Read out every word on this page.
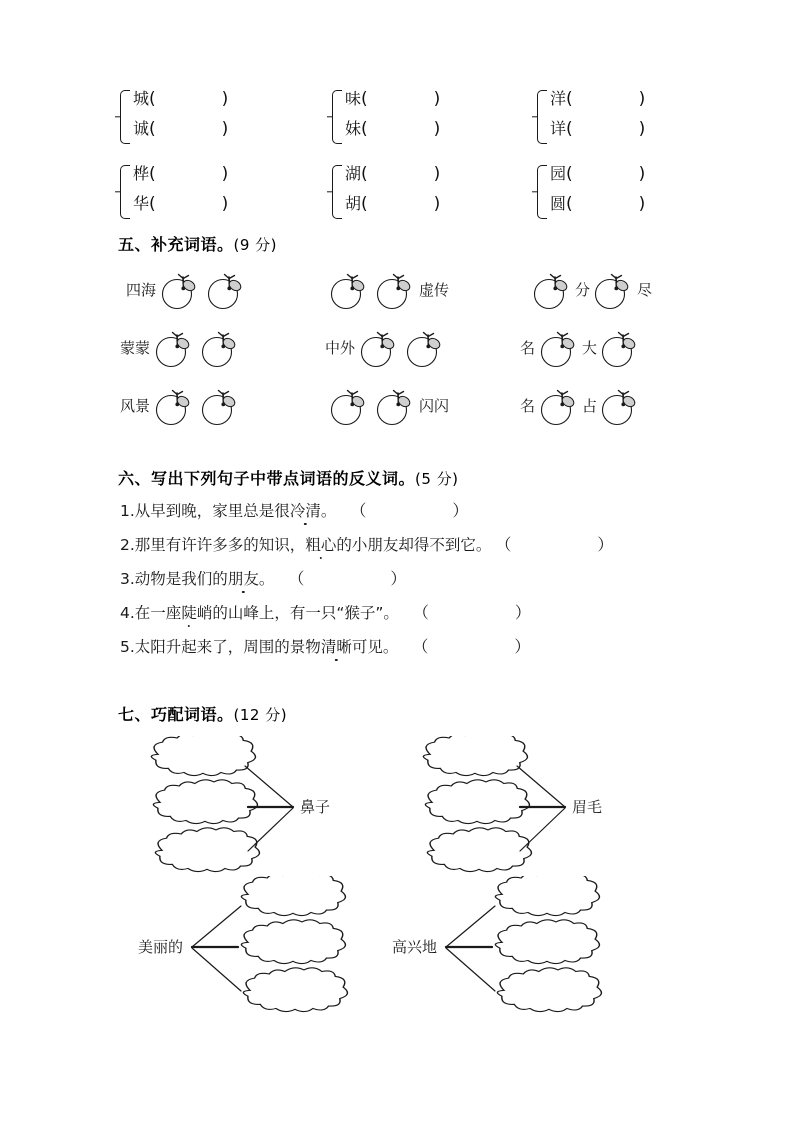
城(	)
诚(	)
味(	)
妹(	)
洋(	)
详(	)
桦(	)
华(	)
湖(	)
胡(	)
园(	)
圆(	)
五、补充词语。(9 分)
四海	虚传	分	尽
蒙蒙	中外	名	大
风景	闪闪	名	占
六、写出下列句子中带点词语的反义词。(5 分)
1.从早到晚，家里总是很冷清。 （	）
2.那里有许许多多的知识，粗心的小朋友却得不到它。 （	）
3.动物是我们的朋友。 （	）
4.在一座陡峭的山峰上，有一只“猴子”。 （	）
5.太阳升起来了，周围的景物清晰可见。 （	）
七、巧配词语。(12 分)
鼻子	眉毛
美丽的	高兴地
